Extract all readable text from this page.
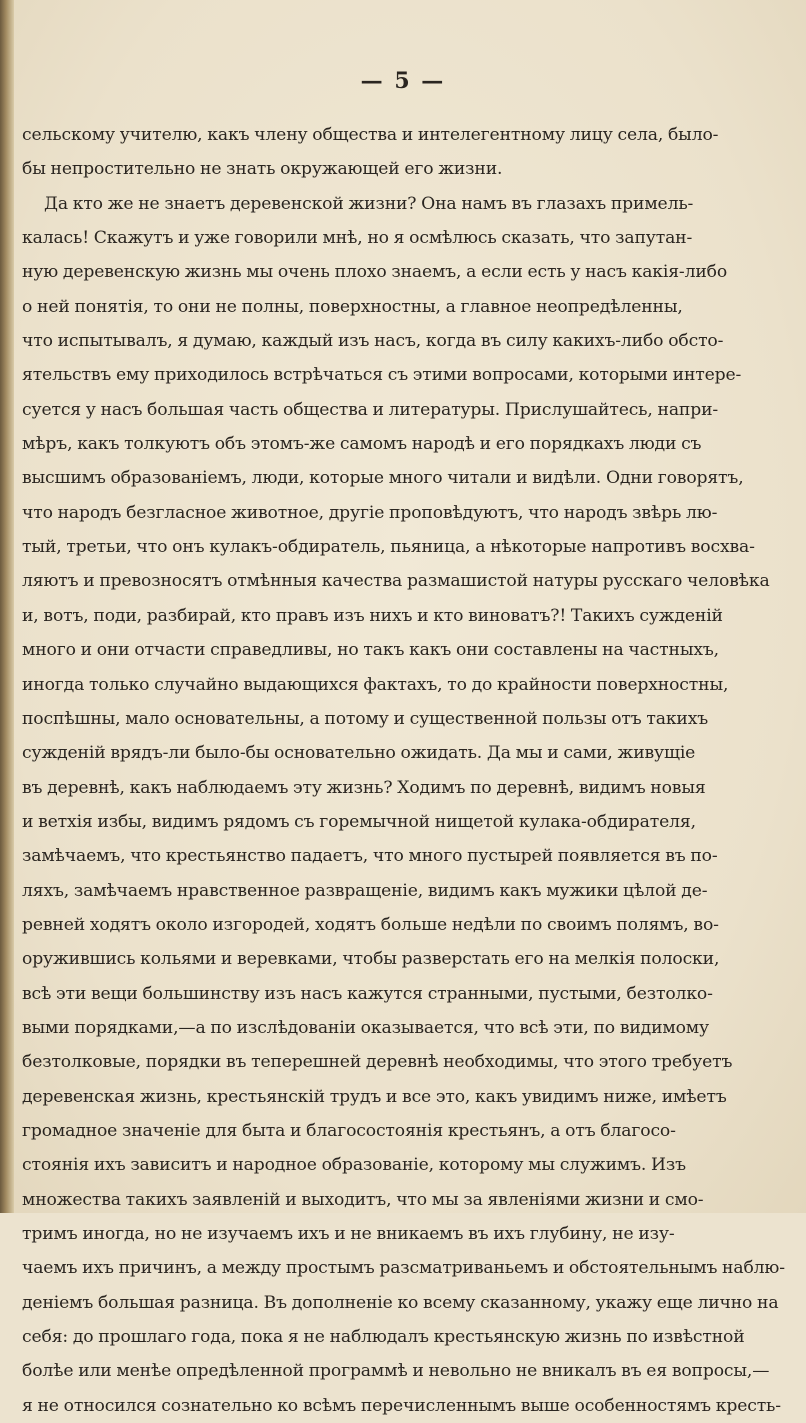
— 5 —
сельскому учителю, какъ члену общества и интелегентному лицу села, было-
бы непростительно не знать окружающей его жизни.
Да кто же не знаетъ деревенской жизни? Она намъ въ глазахъ примель-
калась! Скажутъ и уже говорили мнѣ, но я осмѣлюсь сказать, что запутан-
ную деревенскую жизнь мы очень плохо знаемъ, а если есть у насъ какія-либо
о ней понятія, то они не полны, поверхностны, а главное неопредѣленны,
что испытывалъ, я думаю, каждый изъ насъ, когда въ силу какихъ-либо обсто-
ятельствъ ему приходилось встрѣчаться съ этими вопросами, которыми интере-
суется у насъ большая часть общества и литературы. Прислушайтесь, напри-
мѣръ, какъ толкуютъ объ этомъ-же самомъ народѣ и его порядкахъ люди съ
высшимъ образованіемъ, люди, которые много читали и видѣли. Одни говорятъ,
что народъ безгласное животное, другіе проповѣдуютъ, что народъ звѣрь лю-
тый, третьи, что онъ кулакъ-обдиратель, пьяница, а нѣкоторые напротивъ восхва-
ляютъ и превозносятъ отмѣнныя качества размашистой натуры русскаго человѣка
и, вотъ, поди, разбирай, кто правъ изъ нихъ и кто виноватъ?! Такихъ сужденій
много и они отчасти справедливы, но такъ какъ они составлены на частныхъ,
иногда только случайно выдающихся фактахъ, то до крайности поверхностны,
поспѣшны, мало основательны, а потому и существенной пользы отъ такихъ
сужденій врядъ-ли было-бы основательно ожидать. Да мы и сами, живущіе
въ деревнѣ, какъ наблюдаемъ эту жизнь? Ходимъ по деревнѣ, видимъ новыя
и ветхія избы, видимъ рядомъ съ горемычной нищетой кулака-обдирателя,
замѣчаемъ, что крестьянство падаетъ, что много пустырей появляется въ по-
ляхъ, замѣчаемъ нравственное развращеніе, видимъ какъ мужики цѣлой де-
ревней ходятъ около изгородей, ходятъ больше недѣли по своимъ полямъ, во-
оружившись кольями и веревками, чтобы разверстать его на мелкія полоски,
всѣ эти вещи большинству изъ насъ кажутся странными, пустыми, безтолко-
выми порядками,—а по изслѣдованіи оказывается, что всѣ эти, по видимому
безтолковые, порядки въ теперешней деревнѣ необходимы, что этого требуетъ
деревенская жизнь, крестьянскій трудъ и все это, какъ увидимъ ниже, имѣетъ
громадное значеніе для быта и благосостоянія крестьянъ, а отъ благосо-
стоянія ихъ зависитъ и народное образованіе, которому мы служимъ. Изъ
множества такихъ заявленій и выходитъ, что мы за явленіями жизни и смо-
тримъ иногда, но не изучаемъ ихъ и не вникаемъ въ ихъ глубину, не изу-
чаемъ ихъ причинъ, а между простымъ разсматриваньемъ и обстоятельнымъ наблю-
деніемъ большая разница. Въ дополненіе ко всему сказанному, укажу еще лично на
себя: до прошлаго года, пока я не наблюдалъ крестьянскую жизнь по извѣстной
болѣе или менѣе опредѣленной программѣ и невольно не вникалъ въ ея вопросы,—
я не относился сознательно ко всѣмъ перечисленнымъ выше особенностямъ кресть-
